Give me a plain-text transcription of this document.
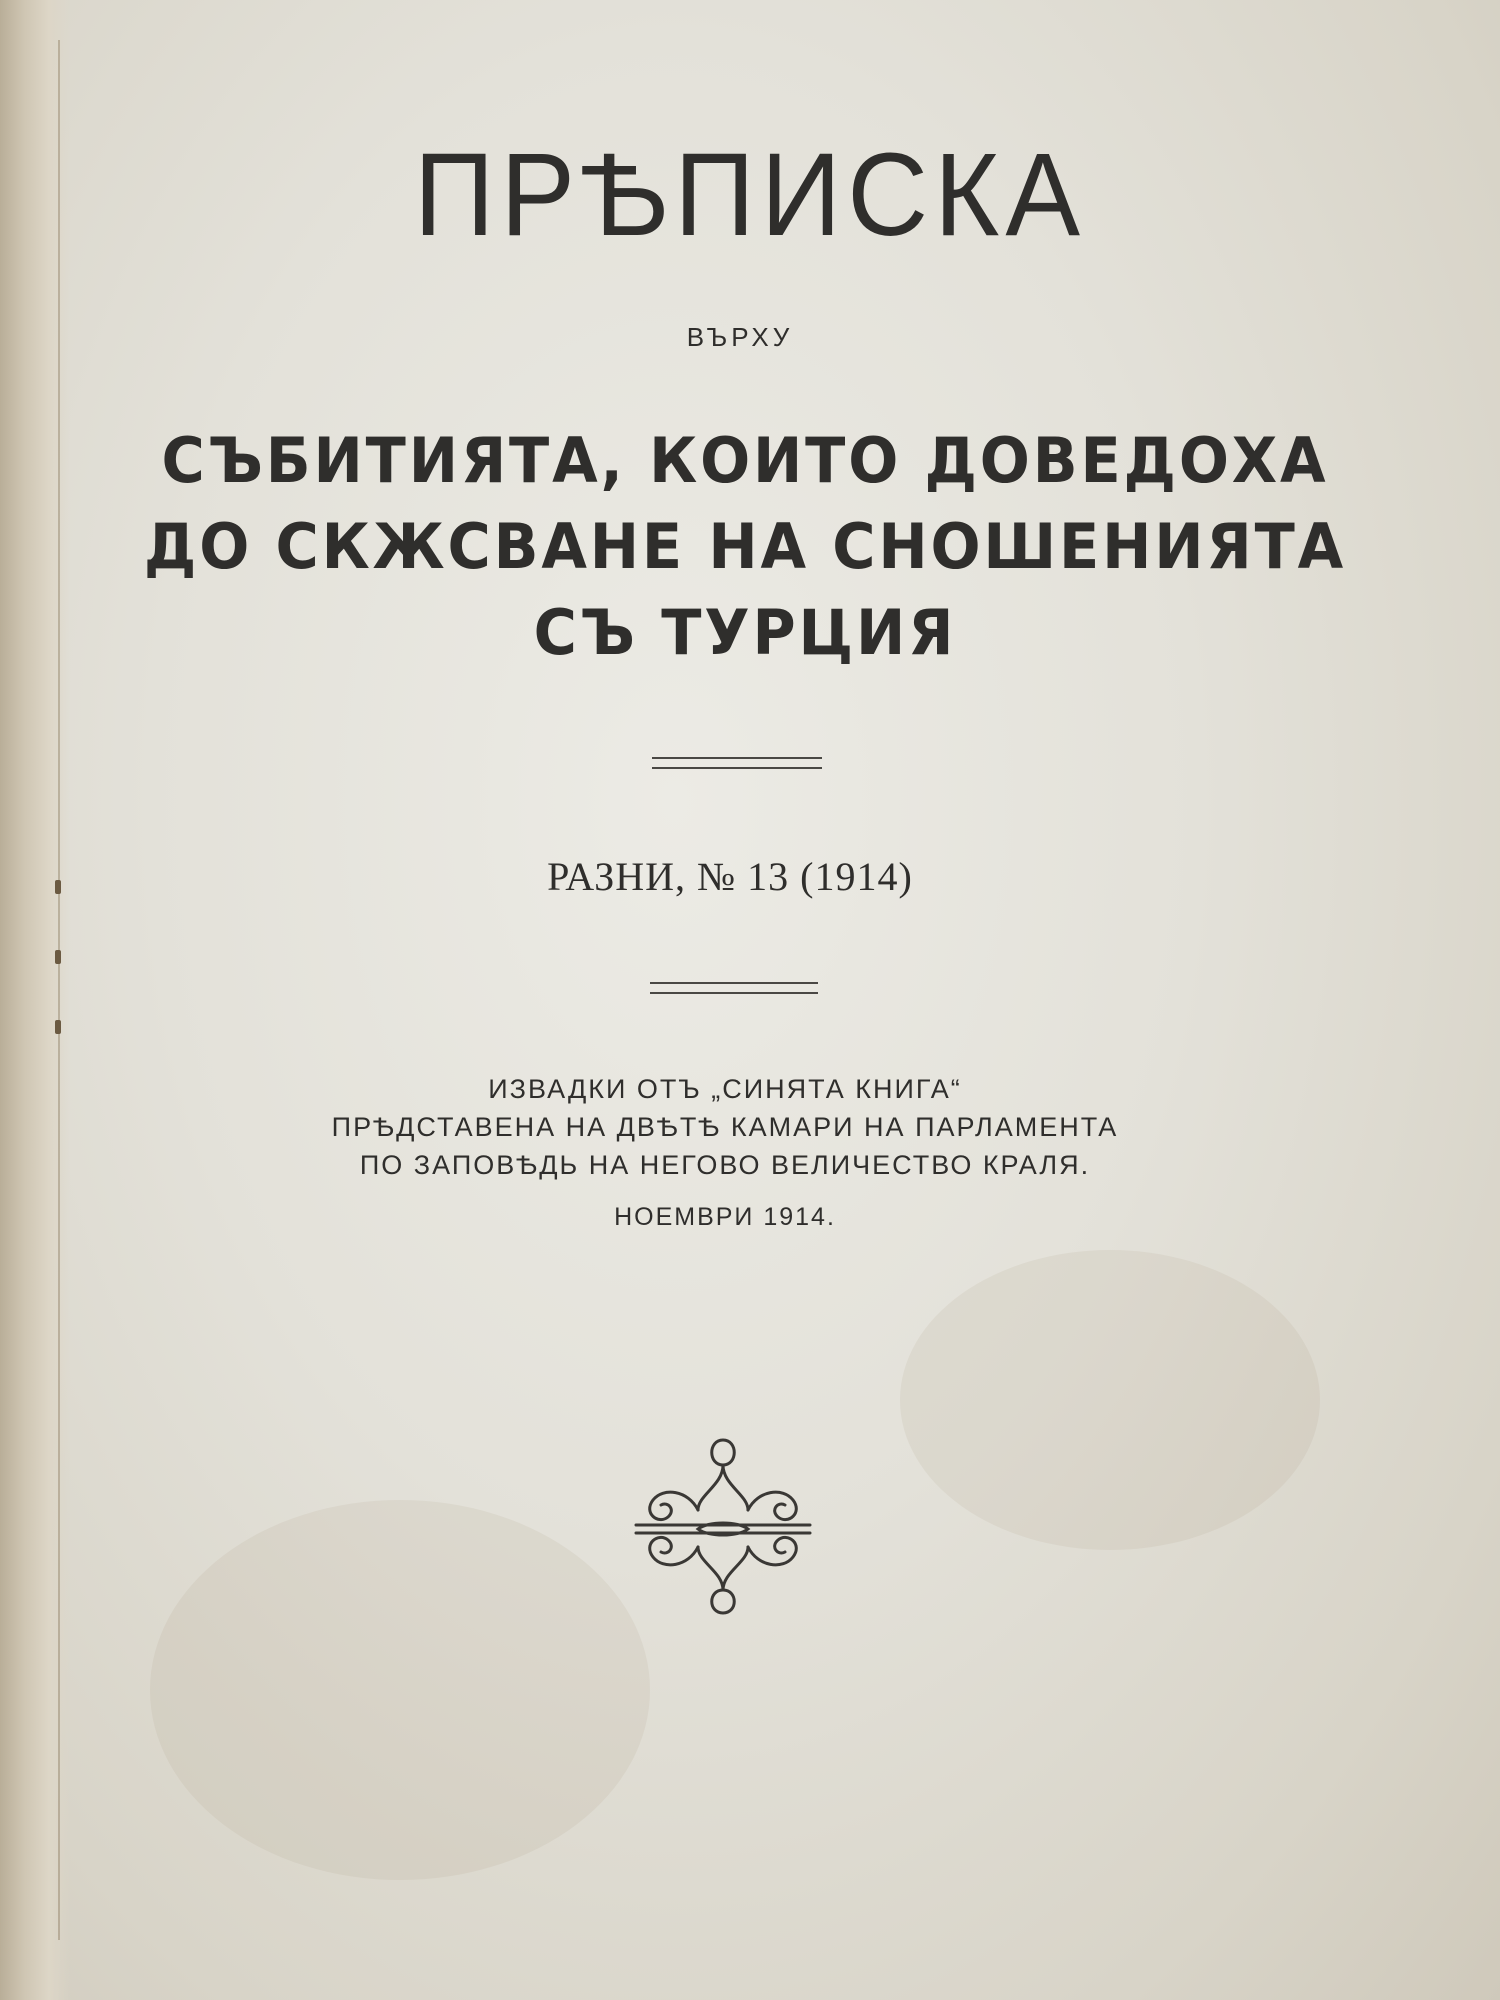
ПРѢПИСКА
ВЪРХУ
СЪБИТИЯТА, КОИТО ДОВЕДОХА
ДО СКЖСВАНЕ НА СНОШЕНИЯТА
СЪ ТУРЦИЯ
РАЗНИ, № 13 (1914)
ИЗВАДКИ ОТЪ „СИНЯТА КНИГА“
ПРѢДСТАВЕНА НА ДВѢТѢ КАМАРИ НА ПАРЛАМЕНТА
ПО ЗАПОВѢДЬ НА НЕГОВО ВЕЛИЧЕСТВО КРАЛЯ.
НОЕМВРИ 1914.
